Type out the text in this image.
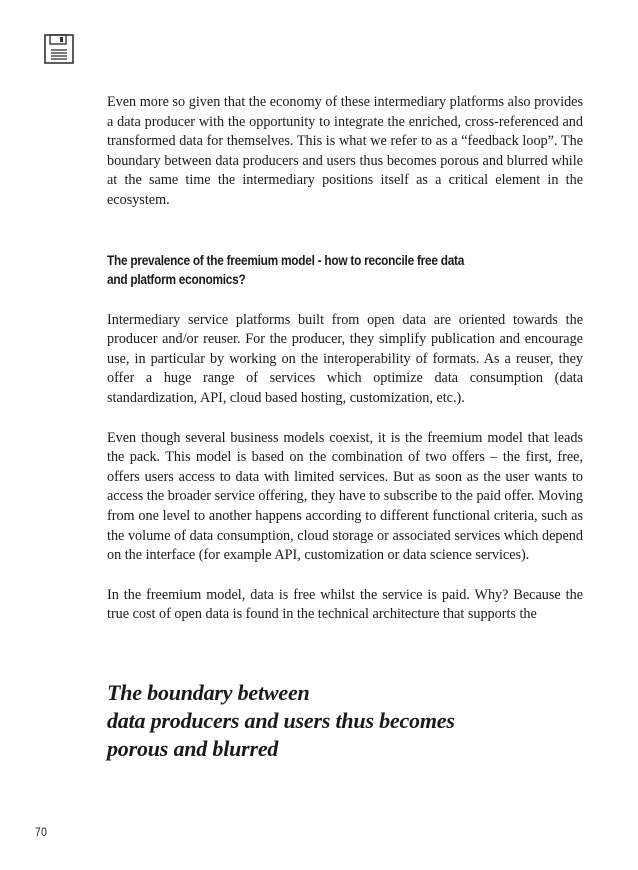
Even more so given that the economy of these intermediary platforms also provides a data producer with the opportunity to integrate the enriched, cross-referenced and transformed data for themselves. This is what we refer to as a “feedback loop”. The boundary between data producers and users thus becomes porous and blurred while at the same time the intermediary positions itself as a critical element in the ecosystem.

The prevalence of the freemium model - how to reconcile free data
and platform economics?

Intermediary service platforms built from open data are oriented towards the producer and/or reuser. For the producer, they simplify publication and encourage use, in particular by working on the interoperability of formats. As a reuser, they offer a huge range of services which optimize data consumption (data standardization, API, cloud based hosting, customization, etc.).

Even though several business models coexist, it is the freemium model that leads the pack. This model is based on the combination of two offers – the first, free, offers users access to data with limited services. But as soon as the user wants to access the broader service offering, they have to subscribe to the paid offer. Moving from one level to another happens according to different functional criteria, such as the volume of data consumption, cloud storage or associated services which depend on the interface (for example API, customization or data science services).

In the freemium model, data is free whilst the service is paid. Why? Because the true cost of open data is found in the technical architecture that supports the

The boundary between
data producers and users thus becomes
porous and blurred
70
